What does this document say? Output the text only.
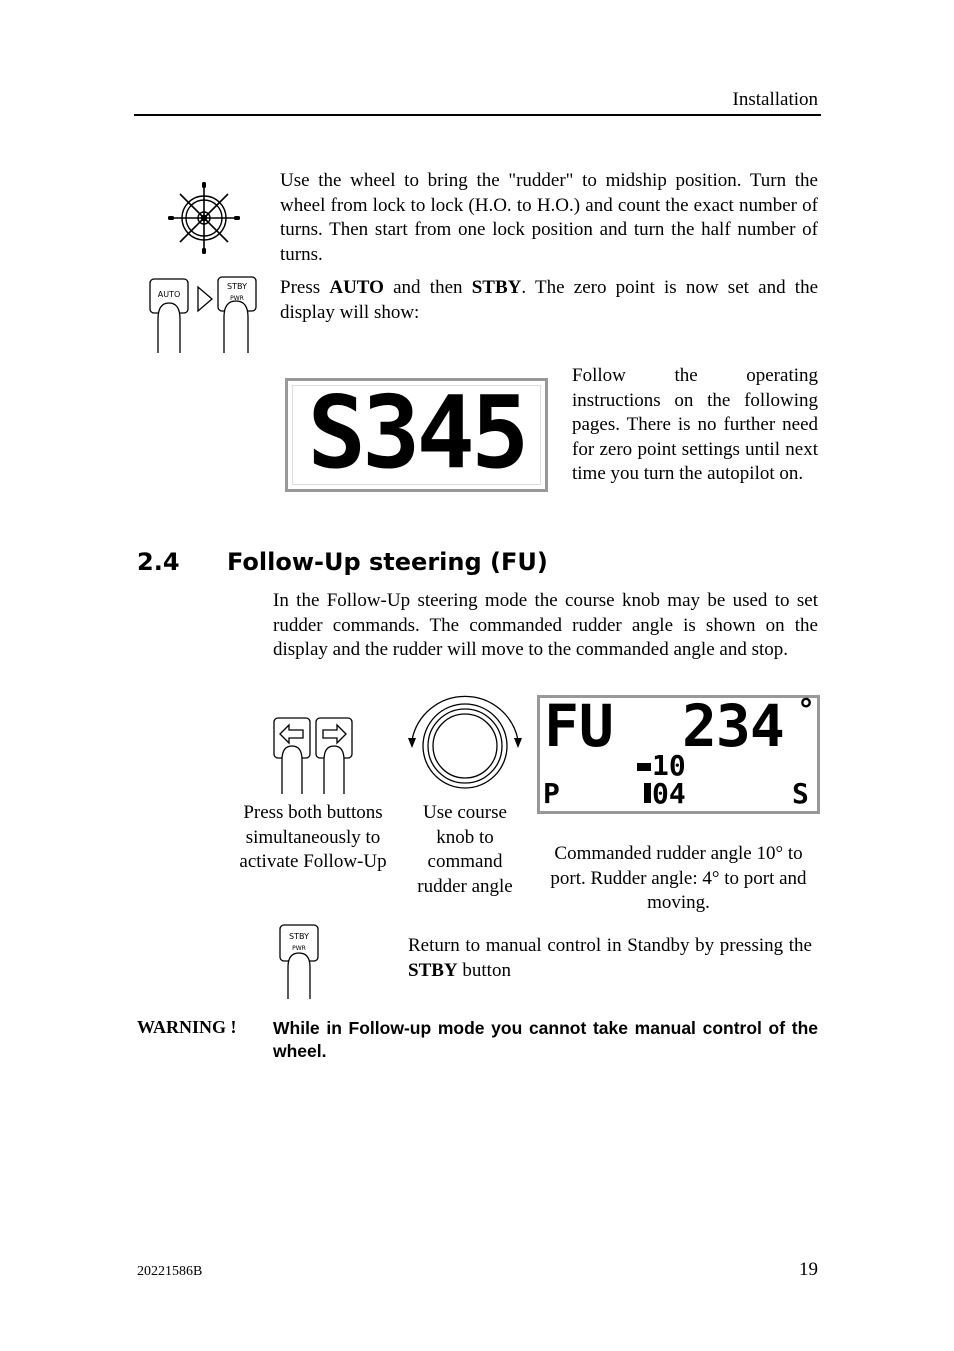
Installation
Use the wheel to bring the "rudder" to midship position. Turn the wheel from lock to lock (H.O. to H.O.) and count the exact number of turns. Then start from one lock position and turn the half number of turns.
AUTO
STBY
PWR
Press AUTO and then STBY. The zero point is now set and the display will show:
S345	Follow the operating instructions on the following pages. There is no further need for zero point settings until next time you turn the autopilot on.
2.4 Follow-Up steering (FU)
In the Follow-Up steering mode the course knob may be used to set rudder commands. The commanded rudder angle is shown on the display and the rudder will move to the commanded angle and stop.
FU 234 °
10
P	04	S
Press both buttons simultaneously to activate Follow-Up
Use course knob to command rudder angle
Commanded rudder angle 10° to port. Rudder angle: 4° to port and moving.
STBY
PWR	Return to manual control in Standby by pressing the STBY button
WARNING ! While in Follow-up mode you cannot take manual control of the wheel.
20221586B	19
